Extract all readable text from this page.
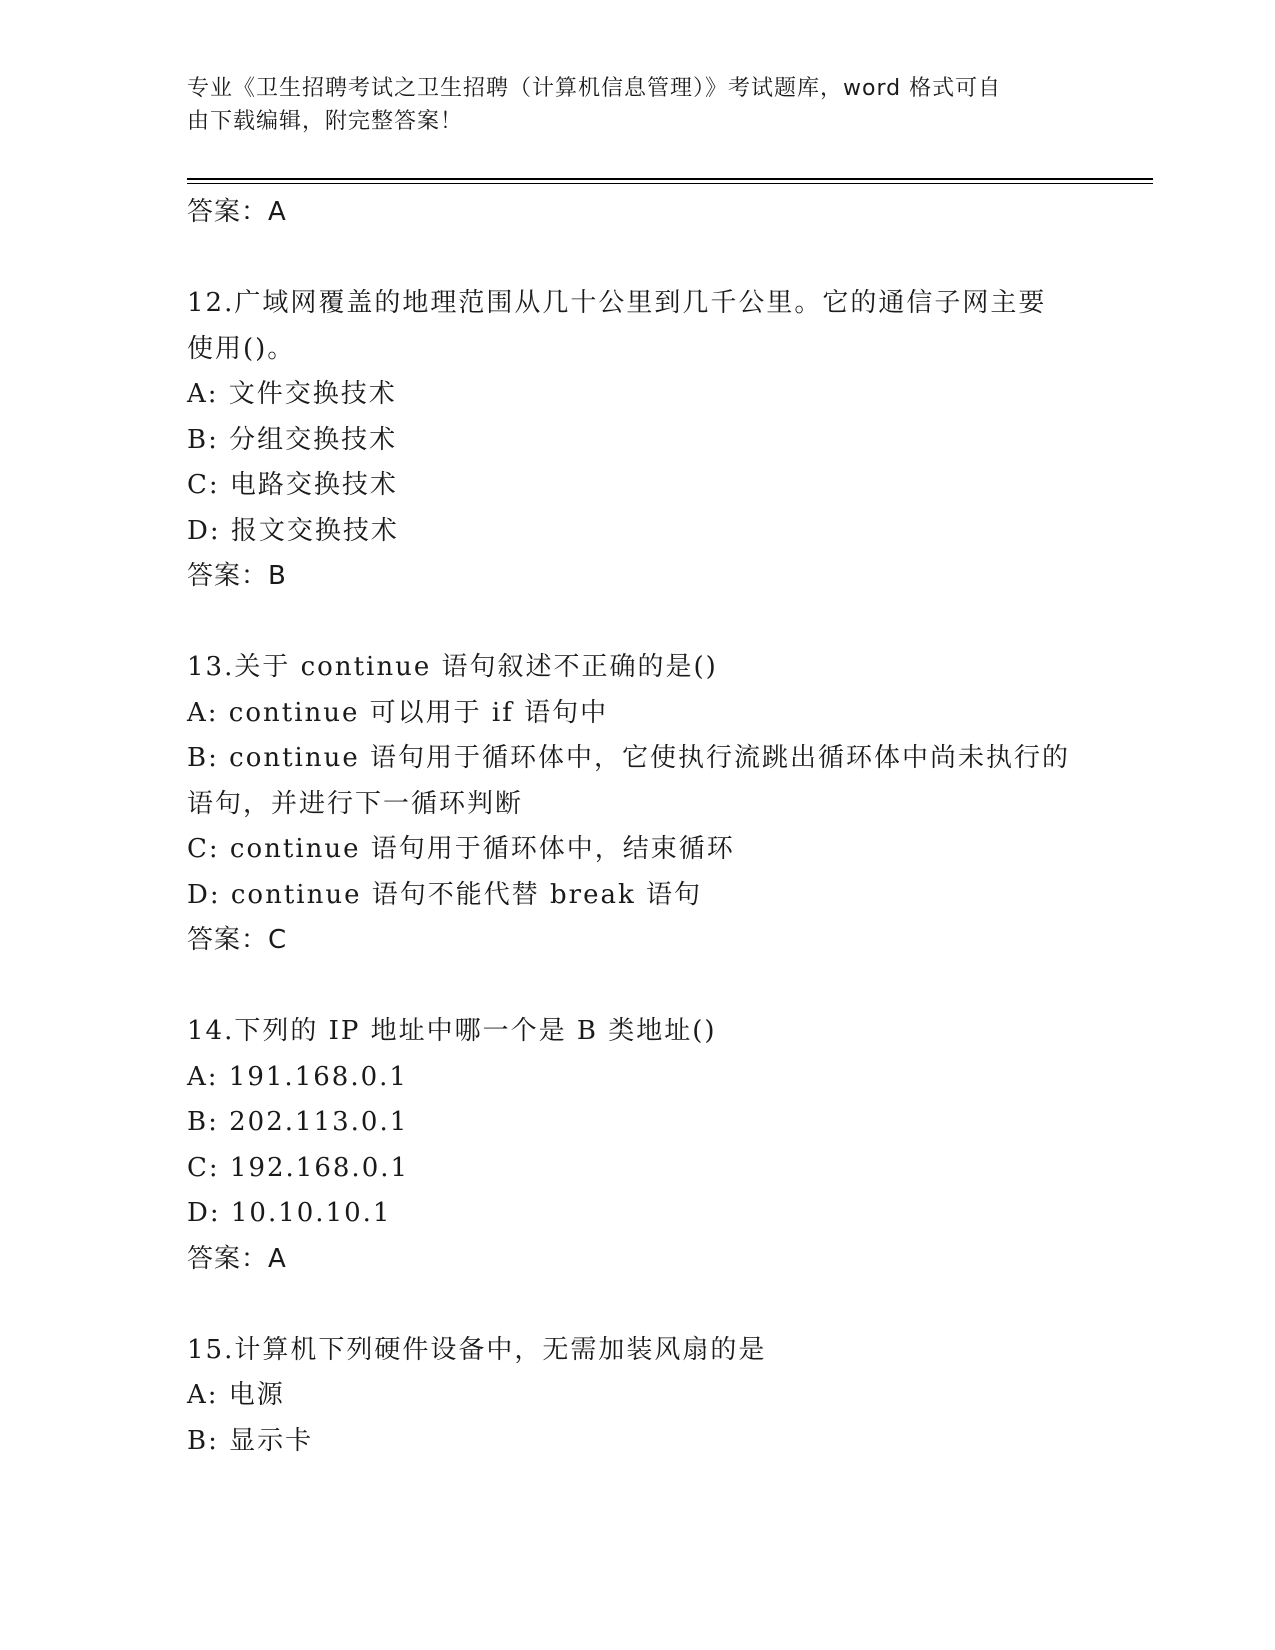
专业《卫生招聘考试之卫生招聘（计算机信息管理）》考试题库，word 格式可自
由下载编辑，附完整答案！
答案：A
12.广域网覆盖的地理范围从几十公里到几千公里。它的通信子网主要
使用()。
A: 文件交换技术
B: 分组交换技术
C: 电路交换技术
D: 报文交换技术
答案：B
13.关于 continue 语句叙述不正确的是()
A: continue 可以用于 if 语句中
B: continue 语句用于循环体中，它使执行流跳出循环体中尚未执行的
语句，并进行下一循环判断
C: continue 语句用于循环体中，结束循环
D: continue 语句不能代替 break 语句
答案：C
14.下列的 IP 地址中哪一个是 B 类地址()
A: 191.168.0.1
B: 202.113.0.1
C: 192.168.0.1
D: 10.10.10.1
答案：A
15.计算机下列硬件设备中，无需加装风扇的是
A: 电源
B: 显示卡
